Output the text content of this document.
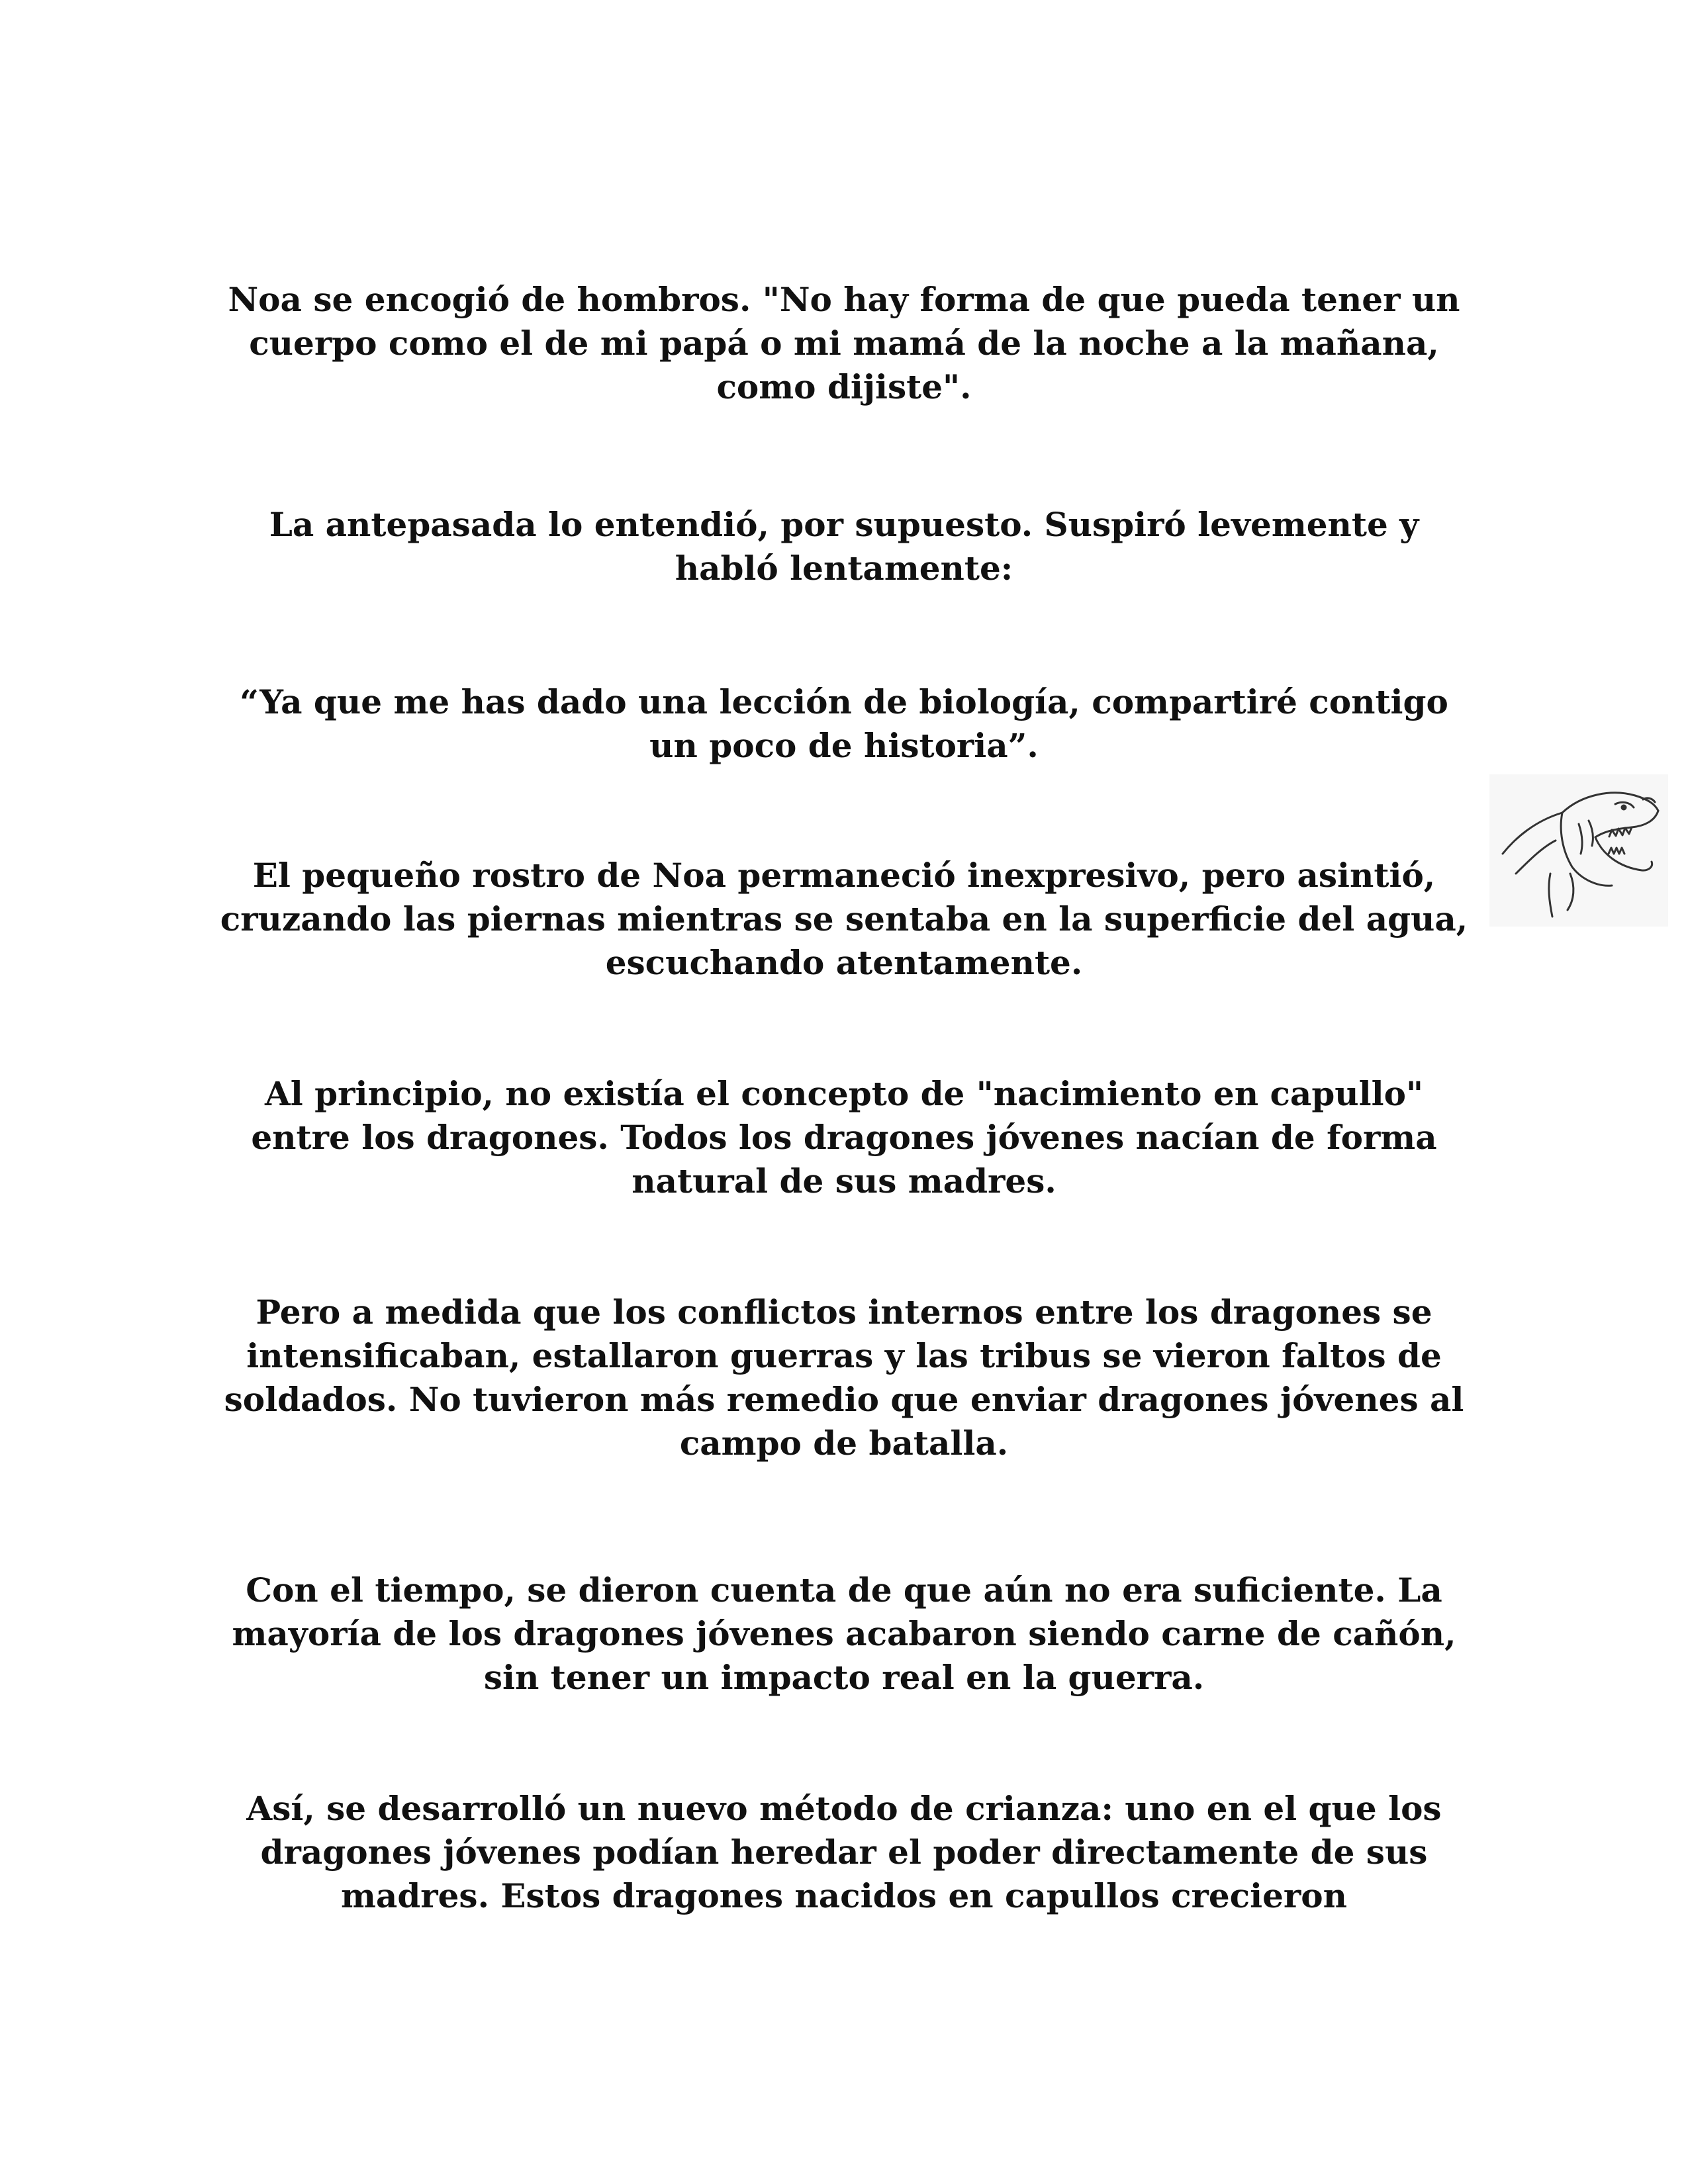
Noa se encogió de hombros. "No hay forma de que pueda tener un cuerpo como el de mi papá o mi mamá de la noche a la mañana, como dijiste".

La antepasada lo entendió, por supuesto. Suspiró levemente y habló lentamente:

“Ya que me has dado una lección de biología, compartiré contigo un poco de historia”.

El pequeño rostro de Noa permaneció inexpresivo, pero asintió, cruzando las piernas mientras se sentaba en la superficie del agua, escuchando atentamente.

Al principio, no existía el concepto de "nacimiento en capullo" entre los dragones. Todos los dragones jóvenes nacían de forma natural de sus madres.

Pero a medida que los conflictos internos entre los dragones se intensificaban, estallaron guerras y las tribus se vieron faltos de soldados. No tuvieron más remedio que enviar dragones jóvenes al campo de batalla.

Con el tiempo, se dieron cuenta de que aún no era suficiente. La mayoría de los dragones jóvenes acabaron siendo carne de cañón, sin tener un impacto real en la guerra.

Así, se desarrolló un nuevo método de crianza: uno en el que los dragones jóvenes podían heredar el poder directamente de sus madres. Estos dragones nacidos en capullos crecieron
